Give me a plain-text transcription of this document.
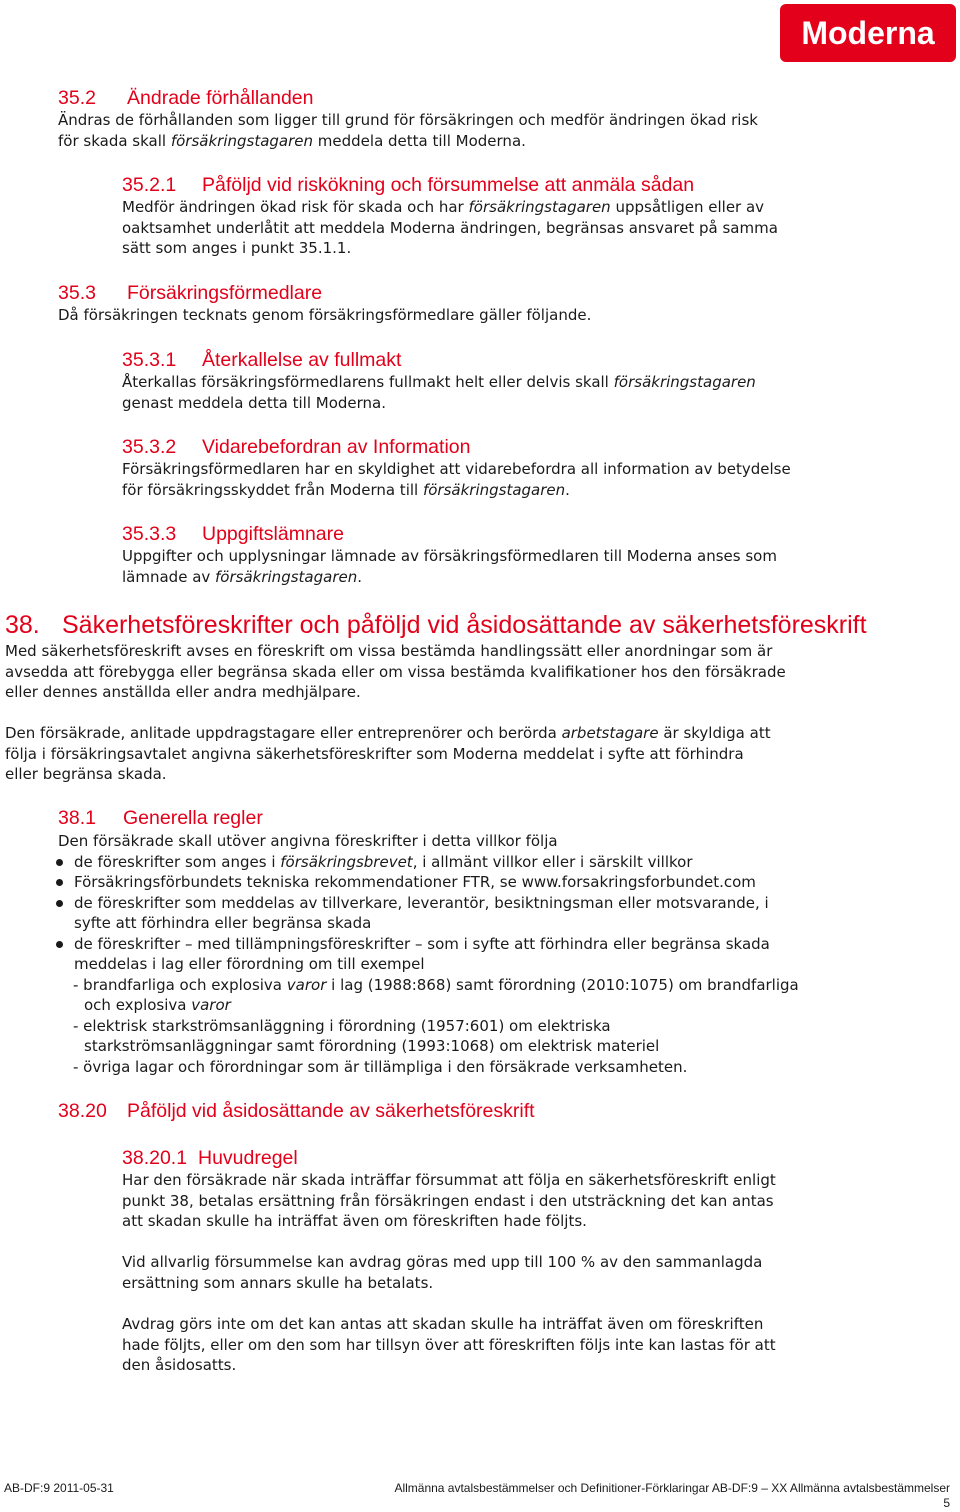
Moderna
35.2 Ändrade förhållanden

Ändras de förhållanden som ligger till grund för försäkringen och medför ändringen ökad risk

för skada skall försäkringstagaren meddela detta till Moderna.

35.2.1 Påföljd vid riskökning och försummelse att anmäla sådan

Medför ändringen ökad risk för skada och har försäkringstagaren uppsåtligen eller av

oaktsamhet underlåtit att meddela Moderna ändringen, begränsas ansvaret på samma

sätt som anges i punkt 35.1.1.

35.3 Försäkringsförmedlare

Då försäkringen tecknats genom försäkringsförmedlare gäller följande.

35.3.1 Återkallelse av fullmakt

Återkallas försäkringsförmedlarens fullmakt helt eller delvis skall försäkringstagaren

genast meddela detta till Moderna.

35.3.2 Vidarebefordran av Information

Försäkringsförmedlaren har en skyldighet att vidarebefordra all information av betydelse

för försäkringsskyddet från Moderna till försäkringstagaren.

35.3.3 Uppgiftslämnare

Uppgifter och upplysningar lämnade av försäkringsförmedlaren till Moderna anses som

lämnade av försäkringstagaren.

38. Säkerhetsföreskrifter och påföljd vid åsidosättande av säkerhetsföreskrift

Med säkerhetsföreskrift avses en föreskrift om vissa bestämda handlingssätt eller anordningar som är

avsedda att förebygga eller begränsa skada eller om vissa bestämda kvalifikationer hos den försäkrade

eller dennes anställda eller andra medhjälpare.

Den försäkrade, anlitade uppdragstagare eller entreprenörer och berörda arbetstagare är skyldiga att

följa i försäkringsavtalet angivna säkerhetsföreskrifter som Moderna meddelat i syfte att förhindra

eller begränsa skada.

38.1 Generella regler

Den försäkrade skall utöver angivna föreskrifter i detta villkor följa

de föreskrifter som anges i försäkringsbrevet, i allmänt villkor eller i särskilt villkor
Försäkringsförbundets tekniska rekommendationer FTR, se www.forsakringsforbundet.com
de föreskrifter som meddelas av tillverkare, leverantör, besiktningsman eller motsvarande, i
syfte att förhindra eller begränsa skada
de föreskrifter – med tillämpningsföreskrifter – som i syfte att förhindra eller begränsa skada
meddelas i lag eller förordning om till exempel
- brandfarliga och explosiva varor i lag (1988:868) samt förordning (2010:1075) om brandfarliga
och explosiva varor
- elektrisk starkströmsanläggning i förordning (1957:601) om elektriska
starkströmsanläggningar samt förordning (1993:1068) om elektrisk materiel
- övriga lagar och förordningar som är tillämpliga i den försäkrade verksamheten.
38.20 Påföljd vid åsidosättande av säkerhetsföreskrift
38.20.1 Huvudregel

Har den försäkrade när skada inträffar försummat att följa en säkerhetsföreskrift enligt

punkt 38, betalas ersättning från försäkringen endast i den utsträckning det kan antas

att skadan skulle ha inträffat även om föreskriften hade följts.

Vid allvarlig försummelse kan avdrag göras med upp till 100 % av den sammanlagda

ersättning som annars skulle ha betalats.

Avdrag görs inte om det kan antas att skadan skulle ha inträffat även om föreskriften

hade följts, eller om den som har tillsyn över att föreskriften följs inte kan lastas för att

den åsidosatts.

AB-DF:9 2011-05-31	Allmänna avtalsbestämmelser och Definitioner-Förklaringar AB-DF:9 – XX Allmänna avtalsbestämmelser
5
